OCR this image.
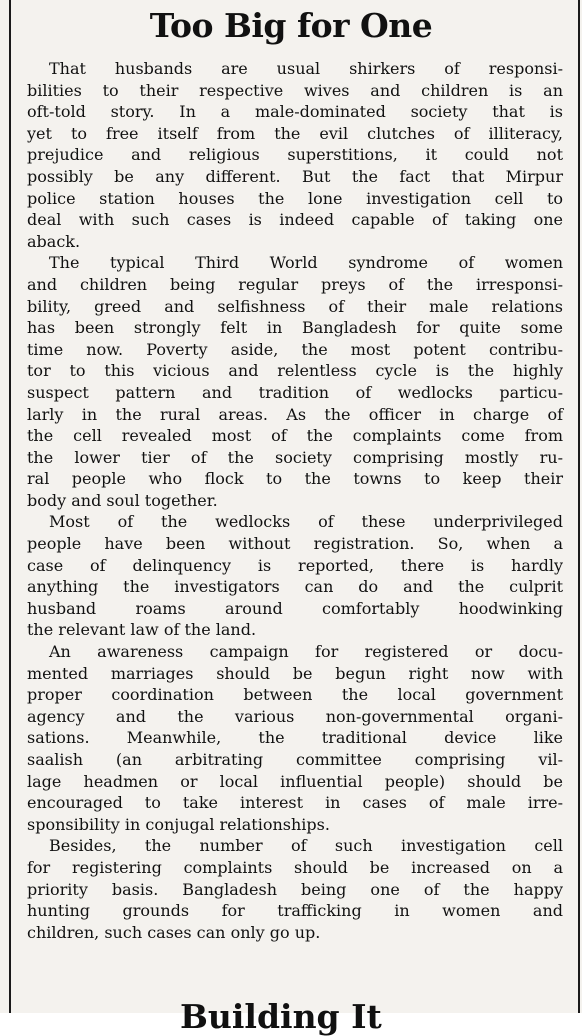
Too Big for One
That husbands are usual shirkers of responsi-
bilities to their respective wives and children is an
oft-told story. In a male-dominated society that is
yet to free itself from the evil clutches of illiteracy,
prejudice and religious superstitions, it could not
possibly be any different. But the fact that Mirpur
police station houses the lone investigation cell to
deal with such cases is indeed capable of taking one
aback.
The typical Third World syndrome of women
and children being regular preys of the irresponsi-
bility, greed and selfishness of their male relations
has been strongly felt in Bangladesh for quite some
time now. Poverty aside, the most potent contribu-
tor to this vicious and relentless cycle is the highly
suspect pattern and tradition of wedlocks particu-
larly in the rural areas. As the officer in charge of
the cell revealed most of the complaints come from
the lower tier of the society comprising mostly ru-
ral people who flock to the towns to keep their
body and soul together.
Most of the wedlocks of these underprivileged
people have been without registration. So, when a
case of delinquency is reported, there is hardly
anything the investigators can do and the culprit
husband roams around comfortably hoodwinking
the relevant law of the land.
An awareness campaign for registered or docu-
mented marriages should be begun right now with
proper coordination between the local government
agency and the various non-governmental organi-
sations. Meanwhile, the traditional device like
saalish (an arbitrating committee comprising vil-
lage headmen or local influential people) should be
encouraged to take interest in cases of male irre-
sponsibility in conjugal relationships.
Besides, the number of such investigation cell
for registering complaints should be increased on a
priority basis. Bangladesh being one of the happy
hunting grounds for trafficking in women and
children, such cases can only go up.
Building It
